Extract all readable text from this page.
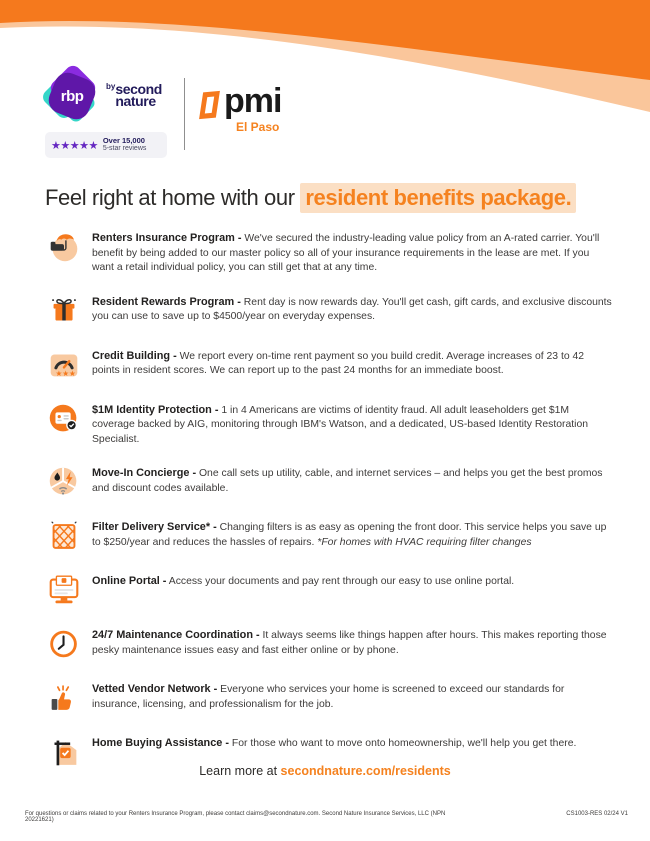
rbp
$^{by}$second
nature
★★★★★ Over 15,000
5-star reviews
pmi
El Paso
Feel right at home with our resident benefits package.

Renters Insurance Program - We've secured the industry-leading value policy from an A-rated carrier. You'll benefit by being added to our master policy so all of your insurance requirements in the lease are met. If you want a retail individual policy, you can still get that at any time.

Resident Rewards Program - Rent day is now rewards day. You'll get cash, gift cards, and exclusive discounts you can use to save up to $4500/year on everyday expenses.

★★★

Credit Building - We report every on-time rent payment so you build credit. Average increases of 23 to 42 points in resident scores. We can report up to the past 24 months for an immediate boost.

$1M Identity Protection - 1 in 4 Americans are victims of identity fraud. All adult leaseholders get $1M coverage backed by AIG, monitoring through IBM's Watson, and a dedicated, US-based Identity Restoration Specialist.

Move-In Concierge - One call sets up utility, cable, and internet services – and helps you get the best promos and discount codes available.

Filter Delivery Service* - Changing filters is as easy as opening the front door. This service helps you save up to $250/year and reduces the hassles of repairs. *For homes with HVAC requiring filter changes

Online Portal - Access your documents and pay rent through our easy to use online portal.

24/7 Maintenance Coordination - It always seems like things happen after hours. This makes reporting those pesky maintenance issues easy and fast either online or by phone.

Vetted Vendor Network - Everyone who services your home is screened to exceed our standards for insurance, licensing, and professionalism for the job.

Home Buying Assistance - For those who want to move onto homeownership, we'll help you get there.

Learn more at secondnature.com/residents
For questions or claims related to your Renters Insurance Program, please contact claims@secondnature.com. Second Nature Insurance Services, LLC (NPN 20221621)
CS1003-RES 02/24 V1
